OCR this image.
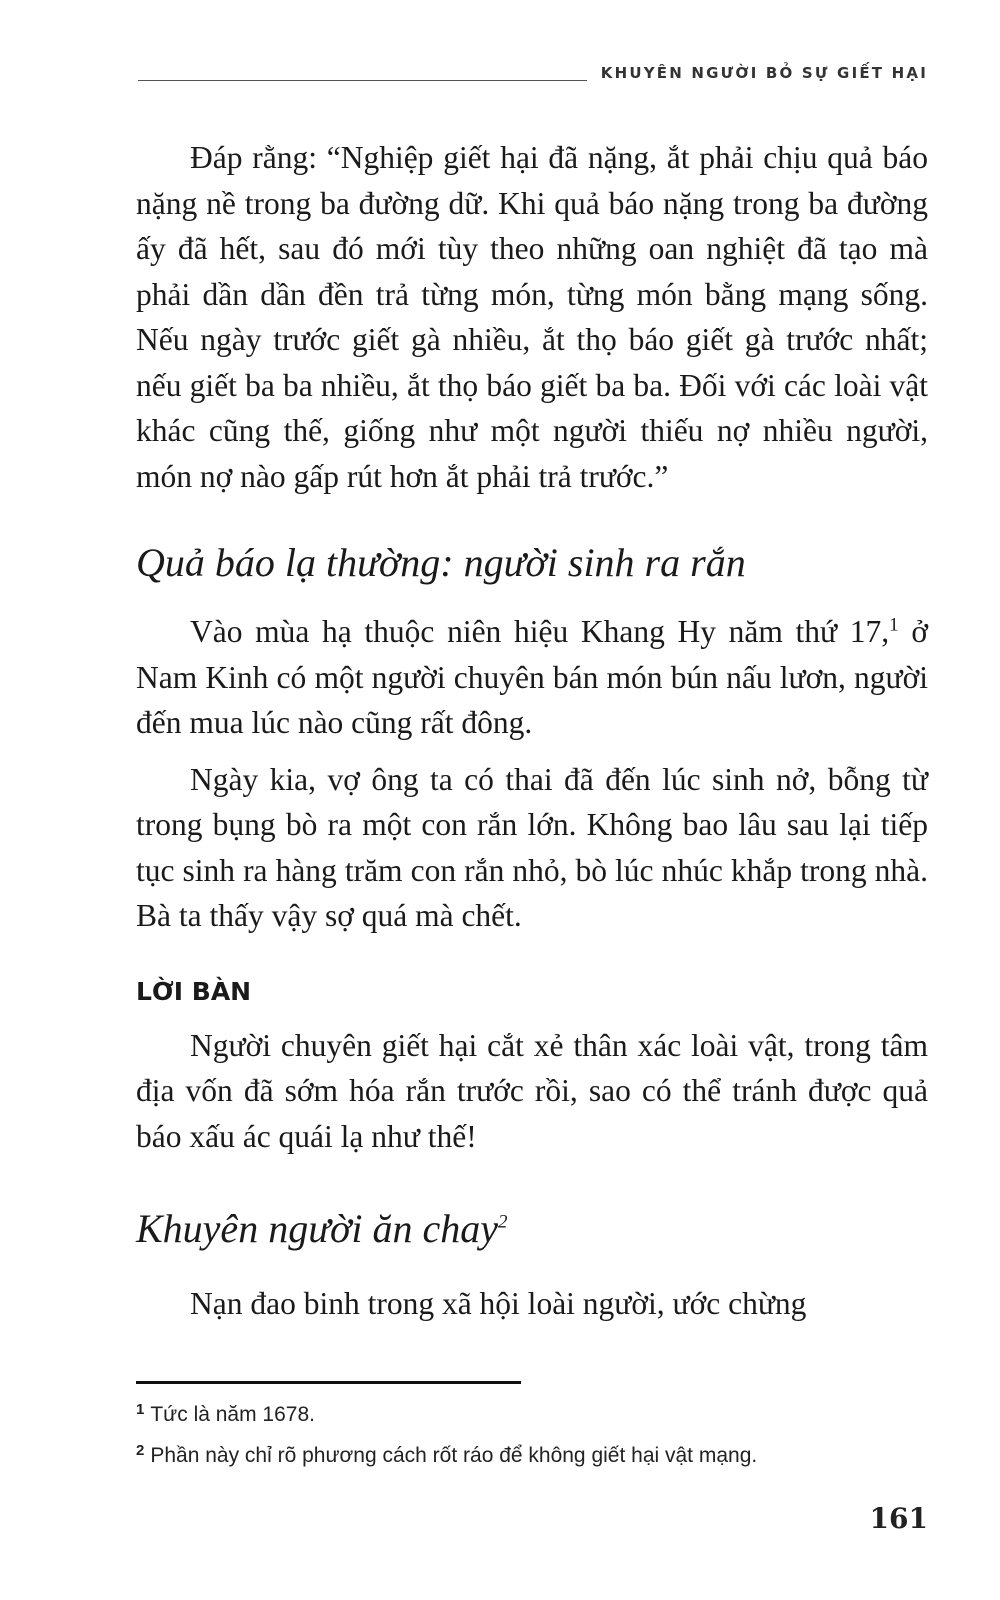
KHUYÊN NGƯỜI BỎ SỰ GIẾT HẠI

Đáp rằng: “Nghiệp giết hại đã nặng, ắt phải chịu quả báo nặng nề trong ba đường dữ. Khi quả báo nặng trong ba đường ấy đã hết, sau đó mới tùy theo những oan nghiệt đã tạo mà phải dần dần đền trả từng món, từng món bằng mạng sống. Nếu ngày trước giết gà nhiều, ắt thọ báo giết gà trước nhất; nếu giết ba ba nhiều, ắt thọ báo giết ba ba. Đối với các loài vật khác cũng thế, giống như một người thiếu nợ nhiều người, món nợ nào gấp rút hơn ắt phải trả trước.”

Quả báo lạ thường: người sinh ra rắn

Vào mùa hạ thuộc niên hiệu Khang Hy năm thứ 17,$^1$ ở Nam Kinh có một người chuyên bán món bún nấu lươn, người đến mua lúc nào cũng rất đông.

Ngày kia, vợ ông ta có thai đã đến lúc sinh nở, bỗng từ trong bụng bò ra một con rắn lớn. Không bao lâu sau lại tiếp tục sinh ra hàng trăm con rắn nhỏ, bò lúc nhúc khắp trong nhà. Bà ta thấy vậy sợ quá mà chết.

LỜI BÀN

Người chuyên giết hại cắt xẻ thân xác loài vật, trong tâm địa vốn đã sớm hóa rắn trước rồi, sao có thể tránh được quả báo xấu ác quái lạ như thế!

Khuyên người ăn chay$^2$

Nạn đao binh trong xã hội loài người, ước chừng

$^1$ Tức là năm 1678.
$^2$ Phần này chỉ rõ phương cách rốt ráo để không giết hại vật mạng.
161
